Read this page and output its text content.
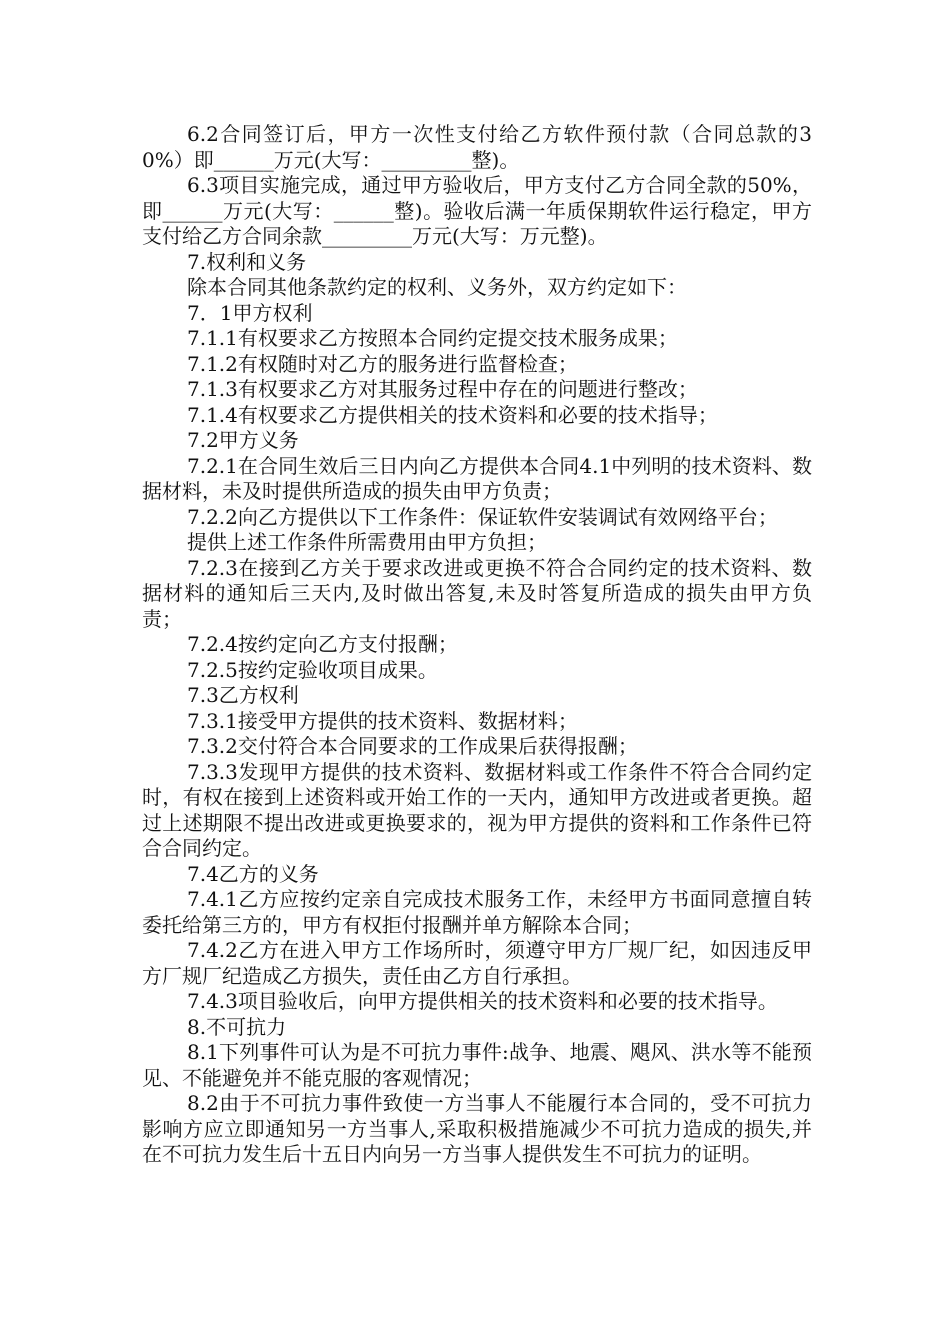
6.2合同签订后，甲方一次性支付给乙方软件预付款（合同总款的30%）即______万元(大写：_________整)。

6.3项目实施完成，通过甲方验收后，甲方支付乙方合同全款的50%，即______万元(大写：______整)。验收后满一年质保期软件运行稳定，甲方支付给乙方合同余款_________万元(大写：万元整)。

7.权利和义务

除本合同其他条款约定的权利、义务外，双方约定如下：

7．1甲方权利

7.1.1有权要求乙方按照本合同约定提交技术服务成果；

7.1.2有权随时对乙方的服务进行监督检查；

7.1.3有权要求乙方对其服务过程中存在的问题进行整改；

7.1.4有权要求乙方提供相关的技术资料和必要的技术指导；

7.2甲方义务

7.2.1在合同生效后三日内向乙方提供本合同4.1中列明的技术资料、数据材料，未及时提供所造成的损失由甲方负责；

7.2.2向乙方提供以下工作条件：保证软件安装调试有效网络平台；

提供上述工作条件所需费用由甲方负担；

7.2.3在接到乙方关于要求改进或更换不符合合同约定的技术资料、数据材料的通知后三天内,及时做出答复,未及时答复所造成的损失由甲方负责；

7.2.4按约定向乙方支付报酬；

7.2.5按约定验收项目成果。

7.3乙方权利

7.3.1接受甲方提供的技术资料、数据材料；

7.3.2交付符合本合同要求的工作成果后获得报酬；

7.3.3发现甲方提供的技术资料、数据材料或工作条件不符合合同约定时，有权在接到上述资料或开始工作的一天内，通知甲方改进或者更换。超过上述期限不提出改进或更换要求的，视为甲方提供的资料和工作条件已符合合同约定。

7.4乙方的义务

7.4.1乙方应按约定亲自完成技术服务工作，未经甲方书面同意擅自转委托给第三方的，甲方有权拒付报酬并单方解除本合同；

7.4.2乙方在进入甲方工作场所时，须遵守甲方厂规厂纪，如因违反甲方厂规厂纪造成乙方损失，责任由乙方自行承担。

7.4.3项目验收后，向甲方提供相关的技术资料和必要的技术指导。

8.不可抗力

8.1下列事件可认为是不可抗力事件:战争、地震、飓风、洪水等不能预见、不能避免并不能克服的客观情况；

8.2由于不可抗力事件致使一方当事人不能履行本合同的，受不可抗力影响方应立即通知另一方当事人,采取积极措施减少不可抗力造成的损失,并在不可抗力发生后十五日内向另一方当事人提供发生不可抗力的证明。
